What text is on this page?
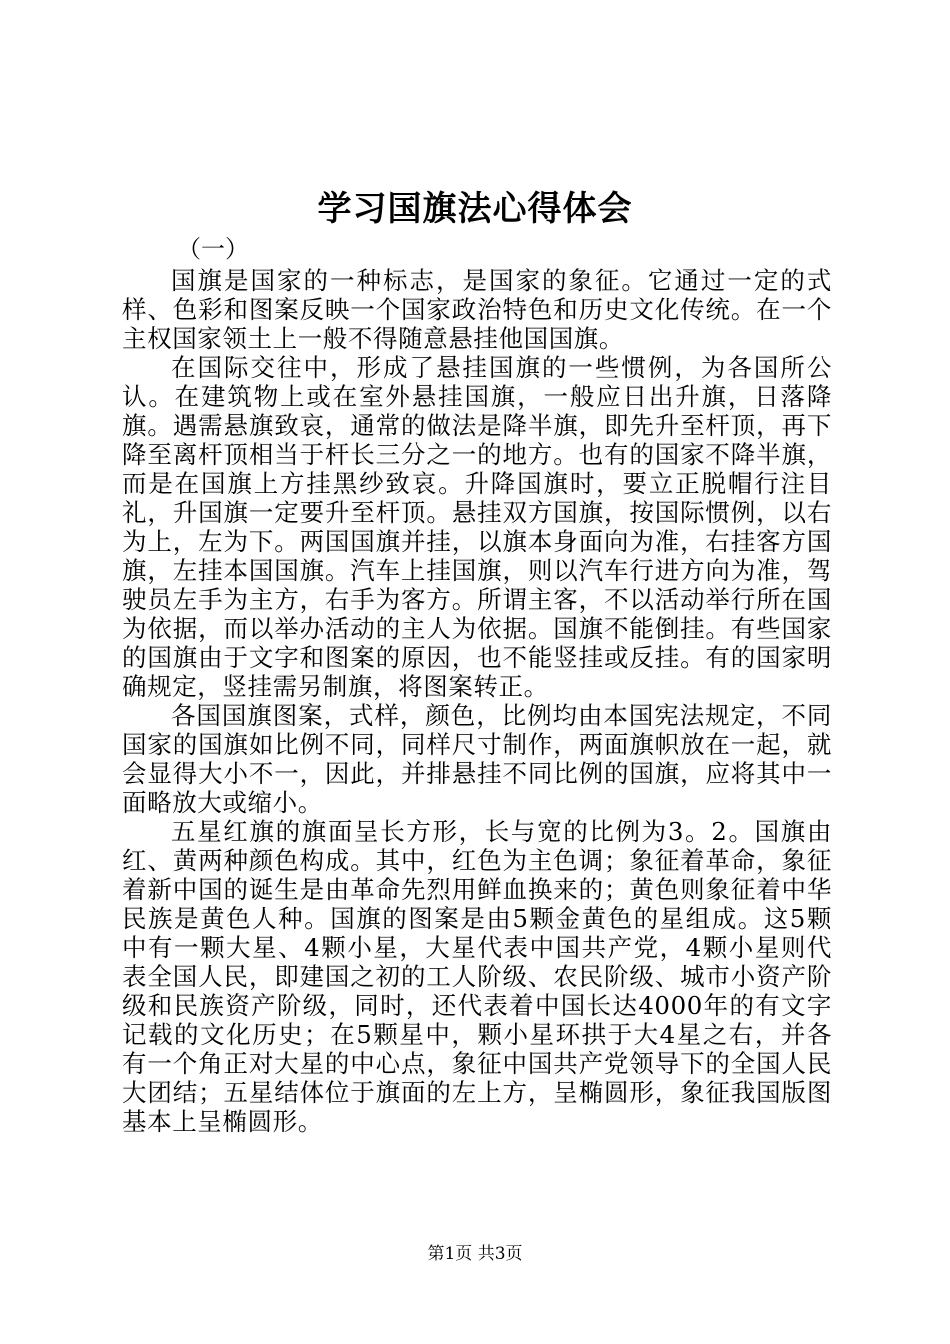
学习国旗法心得体会
（一）

国旗是国家的一种标志，是国家的象征。它通过一定的式样、色彩和图案反映一个国家政治特色和历史文化传统。在一个主权国家领土上一般不得随意悬挂他国国旗。

在国际交往中，形成了悬挂国旗的一些惯例，为各国所公认。在建筑物上或在室外悬挂国旗，一般应日出升旗，日落降旗。遇需悬旗致哀，通常的做法是降半旗，即先升至杆顶，再下降至离杆顶相当于杆长三分之一的地方。也有的国家不降半旗，而是在国旗上方挂黑纱致哀。升降国旗时，要立正脱帽行注目礼，升国旗一定要升至杆顶。悬挂双方国旗，按国际惯例，以右为上，左为下。两国国旗并挂，以旗本身面向为准，右挂客方国旗，左挂本国国旗。汽车上挂国旗，则以汽车行进方向为准，驾驶员左手为主方，右手为客方。所谓主客，不以活动举行所在国为依据，而以举办活动的主人为依据。国旗不能倒挂。有些国家的国旗由于文字和图案的原因，也不能竖挂或反挂。有的国家明确规定，竖挂需另制旗，将图案转正。

各国国旗图案，式样，颜色，比例均由本国宪法规定，不同国家的国旗如比例不同，同样尺寸制作，两面旗帜放在一起，就会显得大小不一，因此，并排悬挂不同比例的国旗，应将其中一面略放大或缩小。

五星红旗的旗面呈长方形，长与宽的比例为3。2。国旗由红、黄两种颜色构成。其中，红色为主色调；象征着革命，象征着新中国的诞生是由革命先烈用鲜血换来的；黄色则象征着中华民族是黄色人种。国旗的图案是由5颗金黄色的星组成。这5颗中有一颗大星、4颗小星，大星代表中国共产党，4颗小星则代表全国人民，即建国之初的工人阶级、农民阶级、城市小资产阶级和民族资产阶级，同时，还代表着中国长达4000年的有文字记载的文化历史；在5颗星中，颗小星环拱于大4星之右，并各有一个角正对大星的中心点，象征中国共产党领导下的全国人民大团结；五星结体位于旗面的左上方，呈椭圆形，象征我国版图基本上呈椭圆形。

第1页 共3页
